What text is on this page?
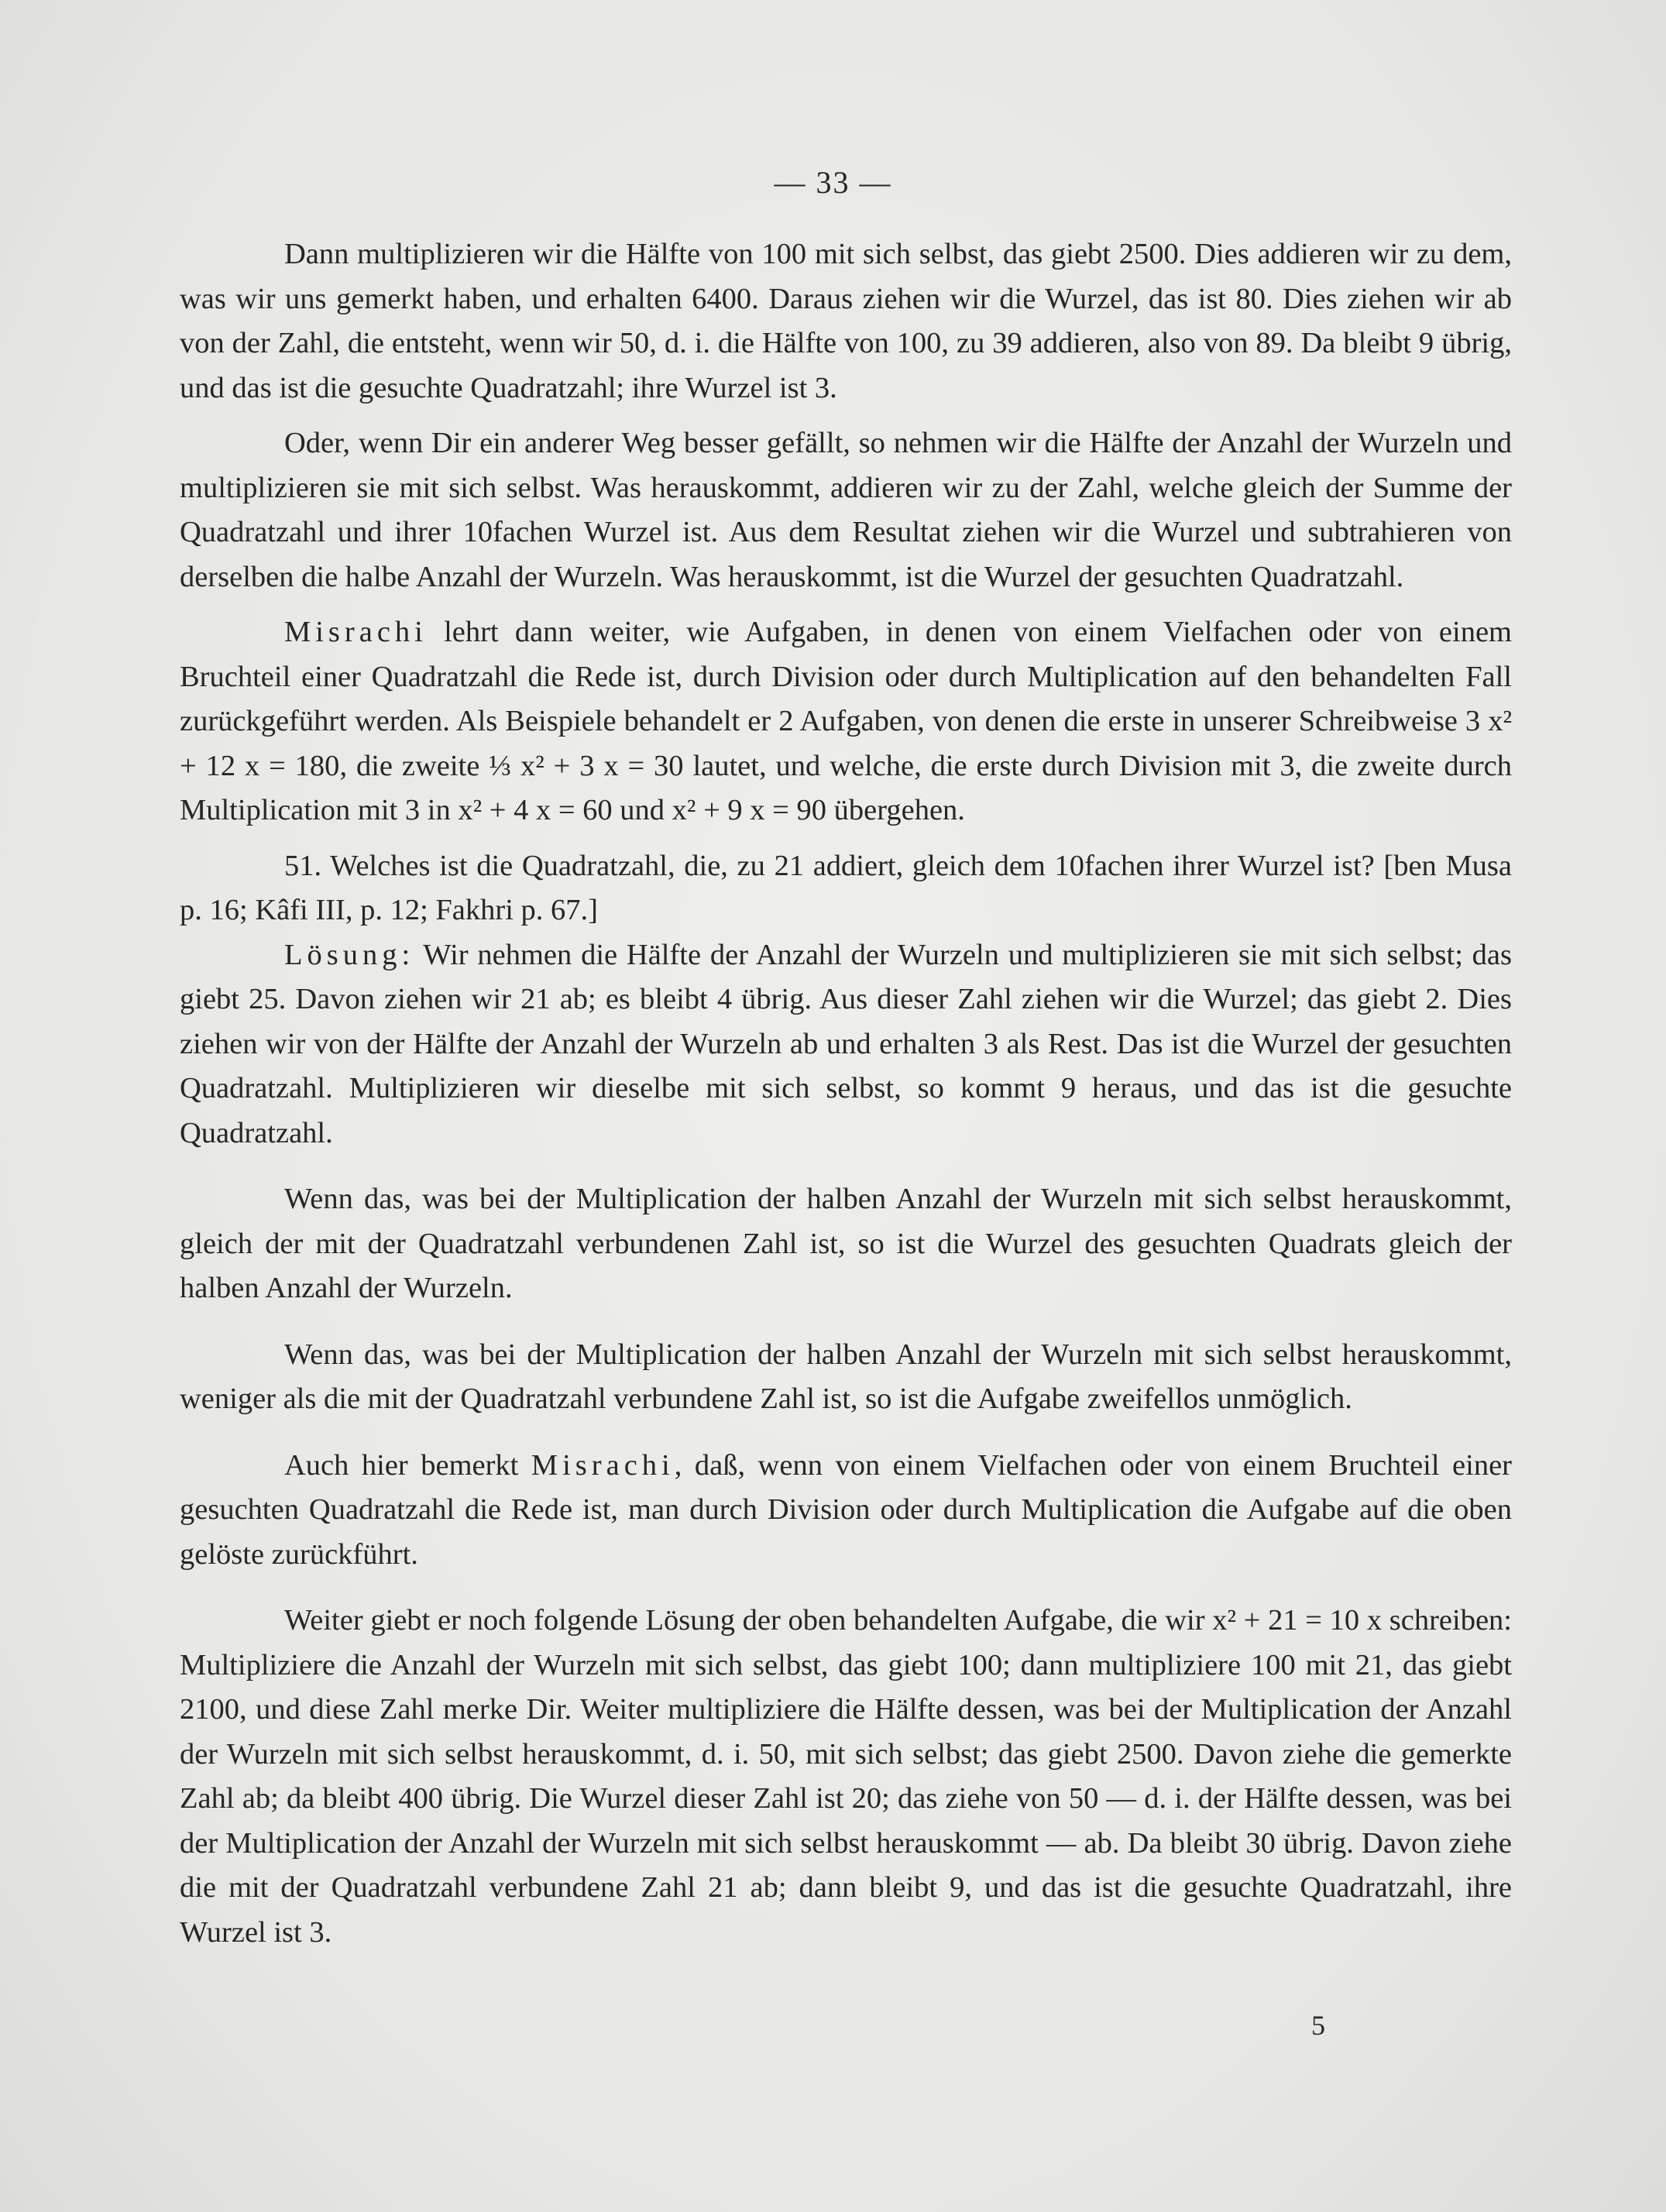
— 33 —

Dann multiplizieren wir die Hälfte von 100 mit sich selbst, das giebt 2500. Dies addieren wir zu dem, was wir uns gemerkt haben, und erhalten 6400. Daraus ziehen wir die Wurzel, das ist 80. Dies ziehen wir ab von der Zahl, die entsteht, wenn wir 50, d. i. die Hälfte von 100, zu 39 addieren, also von 89. Da bleibt 9 übrig, und das ist die gesuchte Quadratzahl; ihre Wurzel ist 3.

Oder, wenn Dir ein anderer Weg besser gefällt, so nehmen wir die Hälfte der Anzahl der Wurzeln und multiplizieren sie mit sich selbst. Was herauskommt, addieren wir zu der Zahl, welche gleich der Summe der Quadratzahl und ihrer 10fachen Wurzel ist. Aus dem Resultat ziehen wir die Wurzel und subtrahieren von derselben die halbe Anzahl der Wurzeln. Was herauskommt, ist die Wurzel der gesuchten Quadratzahl.

Misrachi lehrt dann weiter, wie Aufgaben, in denen von einem Vielfachen oder von einem Bruchteil einer Quadratzahl die Rede ist, durch Division oder durch Multiplication auf den behandelten Fall zurückgeführt werden. Als Beispiele behandelt er 2 Aufgaben, von denen die erste in unserer Schreibweise 3 x² + 12 x = 180, die zweite ⅓ x² + 3 x = 30 lautet, und welche, die erste durch Division mit 3, die zweite durch Multiplication mit 3 in x² + 4 x = 60 und x² + 9 x = 90 übergehen.

51. Welches ist die Quadratzahl, die, zu 21 addiert, gleich dem 10fachen ihrer Wurzel ist? [ben Musa p. 16; Kâfi III, p. 12; Fakhri p. 67.]

Lösung: Wir nehmen die Hälfte der Anzahl der Wurzeln und multiplizieren sie mit sich selbst; das giebt 25. Davon ziehen wir 21 ab; es bleibt 4 übrig. Aus dieser Zahl ziehen wir die Wurzel; das giebt 2. Dies ziehen wir von der Hälfte der Anzahl der Wurzeln ab und erhalten 3 als Rest. Das ist die Wurzel der gesuchten Quadratzahl. Multiplizieren wir dieselbe mit sich selbst, so kommt 9 heraus, und das ist die gesuchte Quadratzahl.

Wenn das, was bei der Multiplication der halben Anzahl der Wurzeln mit sich selbst herauskommt, gleich der mit der Quadratzahl verbundenen Zahl ist, so ist die Wurzel des gesuchten Quadrats gleich der halben Anzahl der Wurzeln.

Wenn das, was bei der Multiplication der halben Anzahl der Wurzeln mit sich selbst herauskommt, weniger als die mit der Quadratzahl verbundene Zahl ist, so ist die Aufgabe zweifellos unmöglich.

Auch hier bemerkt Misrachi, daß, wenn von einem Vielfachen oder von einem Bruchteil einer gesuchten Quadratzahl die Rede ist, man durch Division oder durch Multiplication die Aufgabe auf die oben gelöste zurückführt.

Weiter giebt er noch folgende Lösung der oben behandelten Aufgabe, die wir x² + 21 = 10 x schreiben: Multipliziere die Anzahl der Wurzeln mit sich selbst, das giebt 100; dann multipliziere 100 mit 21, das giebt 2100, und diese Zahl merke Dir. Weiter multipliziere die Hälfte dessen, was bei der Multiplication der Anzahl der Wurzeln mit sich selbst herauskommt, d. i. 50, mit sich selbst; das giebt 2500. Davon ziehe die gemerkte Zahl ab; da bleibt 400 übrig. Die Wurzel dieser Zahl ist 20; das ziehe von 50 — d. i. der Hälfte dessen, was bei der Multiplication der Anzahl der Wurzeln mit sich selbst herauskommt — ab. Da bleibt 30 übrig. Davon ziehe die mit der Quadratzahl verbundene Zahl 21 ab; dann bleibt 9, und das ist die gesuchte Quadratzahl, ihre Wurzel ist 3.

5
